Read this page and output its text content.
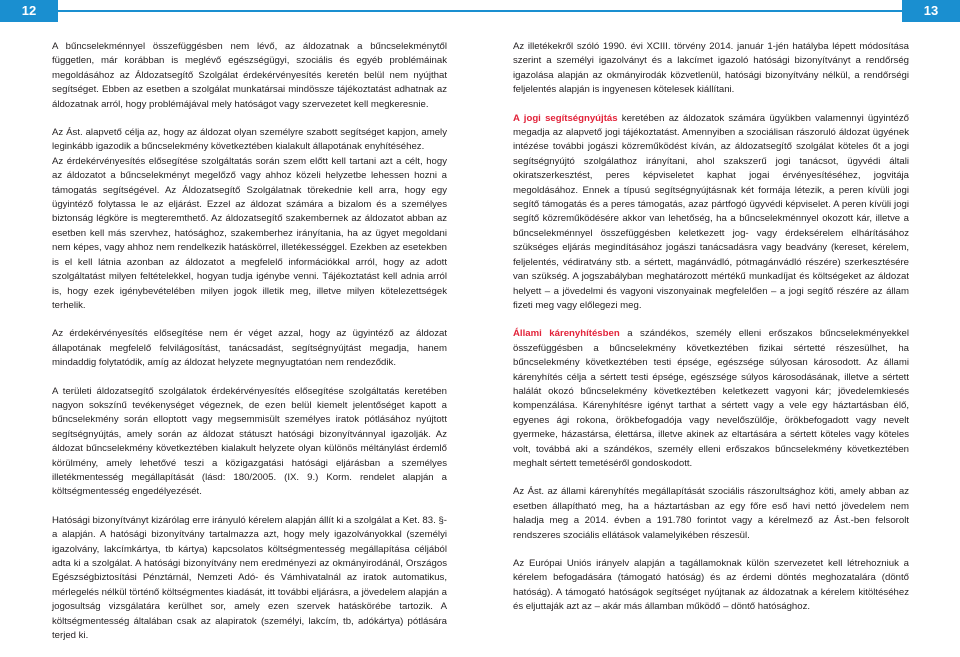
12	13

A bűncselekménnyel összefüggésben nem lévő, az áldozatnak a bűncselekménytől független, már korábban is meglévő egészségügyi, szociális és egyéb problémáinak megoldásához az Áldozatsegítő Szolgálat érdekérvényesítés keretén belül nem nyújthat segítséget. Ebben az esetben a szolgálat munkatársai mindössze tájékoztatást adhatnak az áldozatnak arról, hogy problémájával mely hatóságot vagy szervezetet kell megkeresnie.

Az Ást. alapvető célja az, hogy az áldozat olyan személyre szabott segítséget kapjon, amely leginkább igazodik a bűncselekmény következtében kialakult állapotának enyhítéséhez.

Az érdekérvényesítés elősegítése szolgáltatás során szem előtt kell tartani azt a célt, hogy az áldozatot a bűncselekményt megelőző vagy ahhoz közeli helyzetbe lehessen hozni a támogatás segítségével. Az Áldozatsegítő Szolgálatnak törekednie kell arra, hogy egy ügyintéző folytassa le az eljárást. Ezzel az áldozat számára a bizalom és a személyes biztonság légköre is megteremthető. Az áldozatsegítő szakembernek az áldozatot abban az esetben kell más szervhez, hatósághoz, szakemberhez irányítania, ha az ügyet megoldani nem képes, vagy ahhoz nem rendelkezik hatáskörrel, illetékességgel. Ezekben az esetekben is el kell látnia azonban az áldozatot a megfelelő információkkal arról, hogy az adott szolgáltatást milyen feltételekkel, hogyan tudja igénybe venni. Tájékoztatást kell adnia arról is, hogy ezek igénybevételében milyen jogok illetik meg, illetve milyen kötelezettségek terhelik.

Az érdekérvényesítés elősegítése nem ér véget azzal, hogy az ügyintéző az áldozat állapotának megfelelő felvilágosítást, tanácsadást, segítségnyújtást megadja, hanem mindaddig folytatódik, amíg az áldozat helyzete megnyugtatóan nem rendeződik.

A területi áldozatsegítő szolgálatok érdekérvényesítés elősegítése szolgáltatás keretében nagyon sokszínű tevékenységet végeznek, de ezen belül kiemelt jelentőséget kapott a bűncselekmény során elloptott vagy megsemmisült személyes iratok pótlásához nyújtott segítségnyújtás, amely során az áldozat státuszt hatósági bizonyítvánnyal igazolják. Az áldozat bűncselekmény következtében kialakult helyzete olyan különös méltánylást érdemlő körülmény, amely lehetővé teszi a közigazgatási hatósági eljárásban a személyes illetékmentesség megállapítását (lásd: 180/2005. (IX. 9.) Korm. rendelet alapján a költségmentesség engedélyezését.

Hatósági bizonyítványt kizárólag erre irányuló kérelem alapján állít ki a szolgálat a Ket. 83. §-a alapján. A hatósági bizonyítvány tartalmazza azt, hogy mely igazolványokkal (személyi igazolvány, lakcímkártya, tb kártya) kapcsolatos költségmentesség megállapítása céljából adta ki a szolgálat. A hatósági bizonyítvány nem eredményezi az okmányirodánál, Országos Egészségbiztosítási Pénztárnál, Nemzeti Adó- és Vámhivatalnál az iratok automatikus, mérlegelés nélkül történő költségmentes kiadását, itt további eljárásra, a jövedelem alapján a jogosultság vizsgálatára kerülhet sor, amely ezen szervek hatáskörébe tartozik. A költségmentesség általában csak az alapiratok (személyi, lakcím, tb, adókártya) pótlására terjed ki.

Az illetékekről szóló 1990. évi XCIII. törvény 2014. január 1-jén hatályba lépett módosítása szerint a személyi igazolványt és a lakcímet igazoló hatósági bizonyítványt a rendőrség igazolása alapján az okmányirodák közvetlenül, hatósági bizonyítvány nélkül, a rendőrségi feljelentés alapján is ingyenesen kötelesek kiállítani.

A jogi segítségnyújtás keretében az áldozatok számára ügyükben valamennyi ügyintéző megadja az alapvető jogi tájékoztatást. Amennyiben a szociálisan rászoruló áldozat ügyének intézése további jogászi közreműködést kíván, az áldozatsegítő szolgálat köteles őt a jogi segítségnyújtó szolgálathoz irányítani, ahol szakszerű jogi tanácsot, ügyvédi általi okiratszerkesztést, peres képviseletet kaphat jogai érvényesítéséhez, jogvitája megoldásához. Ennek a típusú segítségnyújtásnak két formája létezik, a peren kívüli jogi segítő támogatás és a peres támogatás, azaz pártfogó ügyvédi képviselet. A peren kívüli jogi segítő közreműködésére akkor van lehetőség, ha a bűncselekménnyel okozott kár, illetve a bűncselekménnyel összefüggésben keletkezett jog- vagy érdeksérelem elhárításához szükséges eljárás megindításához jogászi tanácsadásra vagy beadvány (kereset, kérelem, feljelentés, védiratvány stb. a sértett, magánvádló, pótmagánvádló részére) szerkesztésére van szükség. A jogszabályban meghatározott mértékű munkadíjat és költségeket az áldozat helyett – a jövedelmi és vagyoni viszonyainak megfelelően – a jogi segítő részére az állam fizeti meg vagy előlegezi meg.

Állami kárenyhítésben a szándékos, személy elleni erőszakos bűncselekményekkel összefüggésben a bűncselekmény következtében fizikai sértetté részesülhet, ha bűncselekmény következtében testi épsége, egészsége súlyosan károsodott. Az állami kárenyhítés célja a sértett testi épsége, egészsége súlyos károsodásának, illetve a sértett halálát okozó bűncselekmény következtében keletkezett vagyoni kár; jövedelemkiesés kompenzálása. Kárenyhítésre igényt tarthat a sértett vagy a vele egy háztartásban élő, egyenes ági rokona, örökbefogadója vagy nevelőszülője, örökbefogadott vagy nevelt gyermeke, házastársa, élettársa, illetve akinek az eltartására a sértett köteles vagy köteles volt, továbbá aki a szándékos, személy elleni erőszakos bűncselekmény következtében meghalt sértett temetéséről gondoskodott.

Az Ást. az állami kárenyhítés megállapítását szociális rászorultsághoz köti, amely abban az esetben állapítható meg, ha a háztartásban az egy főre eső havi nettó jövedelem nem haladja meg a 2014. évben a 191.780 forintot vagy a kérelmező az Ást.-ben felsorolt rendszeres szociális ellátások valamelyikében részesül.

Az Európai Uniós irányelv alapján a tagállamoknak külön szervezetet kell létrehozniuk a kérelem befogadására (támogató hatóság) és az érdemi döntés meghozatalára (döntő hatóság). A támogató hatóságok segítséget nyújtanak az áldozatnak a kérelem kitöltéséhez és eljuttaják azt az – akár más államban működő – döntő hatósághoz.
